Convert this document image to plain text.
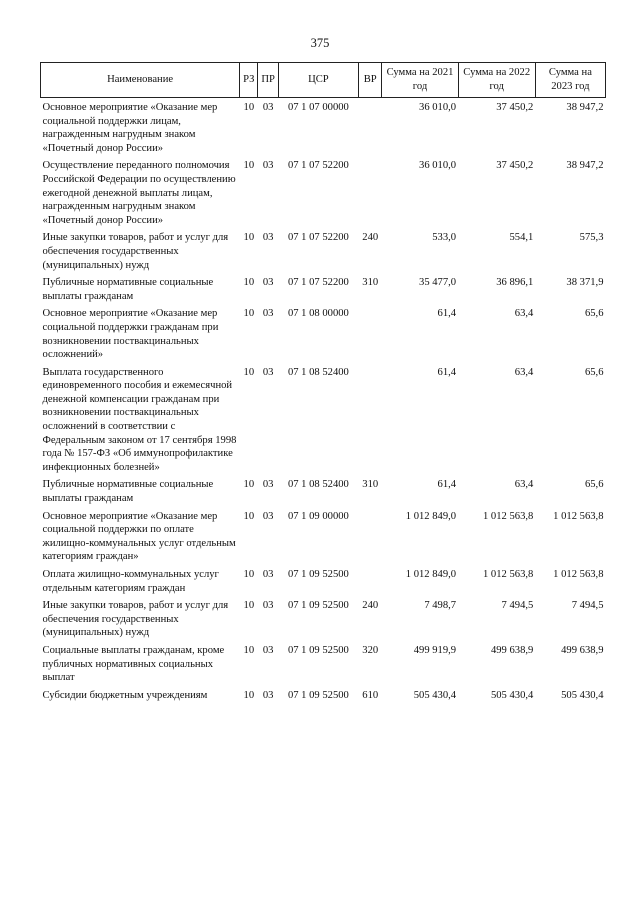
375
Наименование	РЗ	ПР	ЦСР	ВР	Сумма на 2021 год	Сумма на 2022 год	Сумма на 2023 год
Основное мероприятие «Оказание мер социальной поддержки лицам, награжденным нагрудным знаком «Почетный донор России»	10	03	07 1 07 00000		36 010,0	37 450,2	38 947,2
Осуществление переданного полномочия Российской Федерации по осуществлению ежегодной денежной выплаты лицам, награжденным нагрудным знаком «Почетный донор России»	10	03	07 1 07 52200		36 010,0	37 450,2	38 947,2
Иные закупки товаров, работ и услуг для обеспечения государственных (муниципальных) нужд	10	03	07 1 07 52200	240	533,0	554,1	575,3
Публичные нормативные социальные выплаты гражданам	10	03	07 1 07 52200	310	35 477,0	36 896,1	38 371,9
Основное мероприятие «Оказание мер социальной поддержки гражданам при возникновении поствакцинальных осложнений»	10	03	07 1 08 00000		61,4	63,4	65,6
Выплата государственного единовременного пособия и ежемесячной денежной компенсации гражданам при возникновении поствакцинальных осложнений в соответствии с Федеральным законом от 17 сентября 1998 года № 157-ФЗ «Об иммунопрофилактике инфекционных болезней»	10	03	07 1 08 52400		61,4	63,4	65,6
Публичные нормативные социальные выплаты гражданам	10	03	07 1 08 52400	310	61,4	63,4	65,6
Основное мероприятие «Оказание мер социальной поддержки по оплате жилищно-коммунальных услуг отдельным категориям граждан»	10	03	07 1 09 00000		1 012 849,0	1 012 563,8	1 012 563,8
Оплата жилищно-коммунальных услуг отдельным категориям граждан	10	03	07 1 09 52500		1 012 849,0	1 012 563,8	1 012 563,8
Иные закупки товаров, работ и услуг для обеспечения государственных (муниципальных) нужд	10	03	07 1 09 52500	240	7 498,7	7 494,5	7 494,5
Социальные выплаты гражданам, кроме публичных нормативных социальных выплат	10	03	07 1 09 52500	320	499 919,9	499 638,9	499 638,9
Субсидии бюджетным учреждениям	10	03	07 1 09 52500	610	505 430,4	505 430,4	505 430,4
